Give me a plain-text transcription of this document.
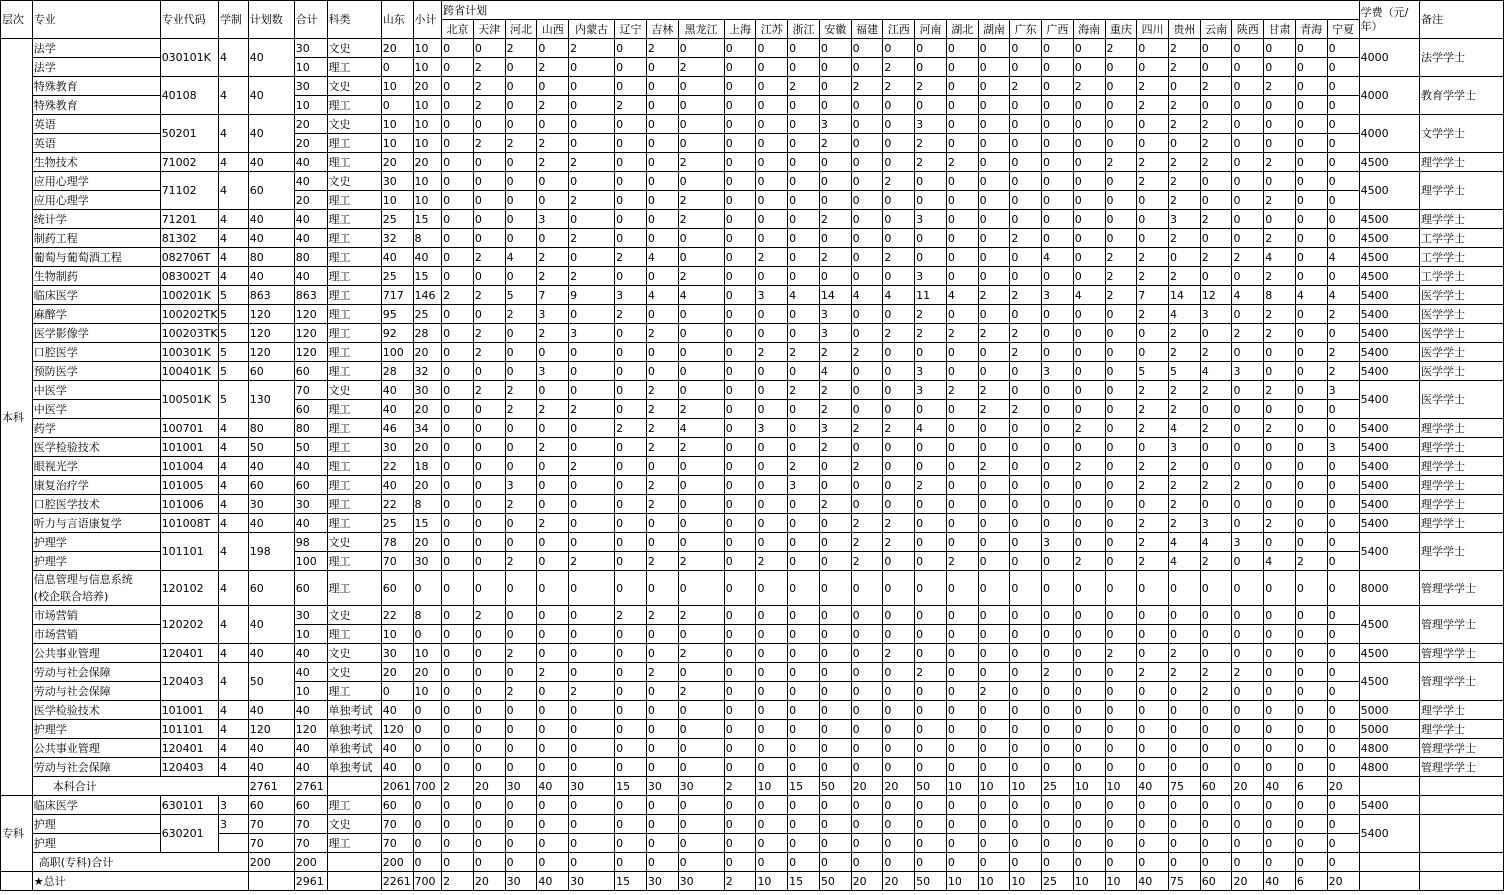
层次	专业	专业代码	学制	计划数	合计	科类	山东	小计	跨省计划																												学费（元/年）	备注
									北京	天津	河北	山西	内蒙古	辽宁	吉林	黑龙江	上海	江苏	浙江	安徽	福建	江西	河南	湖北	湖南	广东	广西	海南	重庆	四川	贵州	云南	陕西	甘肃	青海	宁夏		
本科	法学	030101K	4	40	30	文史	20	10	0	0	2	0	2	0	2	0	0	0	0	0	0	0	0	0	0	0	0	0	2	0	2	0	0	0	0	0	4000	法学学士
	法学				10	理工	0	10	0	2	0	2	0	0	0	2	0	0	0	0	0	2	0	0	0	0	0	0	0	0	2	0	0	0	0	0		
	特殊教育	40108	4	40	30	文史	10	20	0	2	0	0	0	0	0	0	0	0	2	0	2	2	2	0	0	2	0	2	0	2	0	2	0	2	0	0	4000	教育学学士
	特殊教育				10	理工	0	10	0	2	0	2	0	2	0	0	0	0	0	0	0	0	0	0	0	0	0	0	0	2	2	0	0	0	0	0		
	英语	50201	4	40	20	文史	10	10	0	0	0	0	0	0	0	0	0	0	0	3	0	0	3	0	0	0	0	0	0	0	2	2	0	0	0	0	4000	文学学士
	英语				20	理工	10	10	0	2	2	2	0	0	0	0	0	0	0	2	0	0	2	0	0	0	0	0	0	0	0	2	0	0	0	0		
	生物技术	71002	4	40	40	理工	20	20	0	0	0	2	2	0	0	2	0	0	0	0	0	0	2	2	0	0	0	0	2	2	2	2	0	2	0	0	4500	理学学士
	应用心理学	71102	4	60	40	文史	30	10	0	0	0	0	0	0	0	0	0	0	0	0	0	2	0	0	0	0	0	0	0	2	2	0	0	0	0	0	4500	理学学士
	应用心理学				20	理工	10	10	0	0	0	0	2	0	0	2	0	0	0	0	0	0	0	0	0	0	0	0	0	0	2	0	0	2	0	0		
	统计学	71201	4	40	40	理工	25	15	0	0	0	3	0	0	0	2	0	0	0	2	0	0	3	0	0	0	0	0	0	0	3	2	0	0	0	0	4500	理学学士
	制药工程	81302	4	40	40	理工	32	8	0	0	0	0	2	0	0	0	0	0	0	0	0	0	0	0	0	2	0	0	0	0	2	0	0	2	0	0	4500	工学学士
	葡萄与葡萄酒工程	082706T	4	80	80	理工	40	40	0	2	4	2	0	2	4	0	0	2	0	2	0	2	0	0	0	0	4	0	2	2	0	2	2	4	0	4	4500	工学学士
	生物制药	083002T	4	40	40	理工	25	15	0	0	0	2	2	0	0	2	0	0	0	0	0	0	3	0	0	0	0	0	2	2	2	0	0	2	0	0	4500	工学学士
	临床医学	100201K	5	863	863	理工	717	146	2	2	5	7	9	3	4	4	0	3	4	14	4	4	11	4	2	2	3	4	2	7	14	12	4	8	4	4	5400	医学学士
	麻醉学	100202TK	5	120	120	理工	95	25	0	0	2	3	0	2	0	0	0	0	0	3	0	0	2	0	0	0	0	0	0	2	4	3	0	2	0	2	5400	医学学士
	医学影像学	100203TK	5	120	120	理工	92	28	0	2	0	2	3	0	2	0	0	0	0	3	0	2	2	2	2	2	0	0	0	0	2	0	2	2	0	0	5400	医学学士
	口腔医学	100301K	5	120	120	理工	100	20	0	2	0	0	0	0	0	0	0	2	2	2	2	0	0	0	0	2	0	0	0	0	2	2	0	0	0	2	5400	医学学士
	预防医学	100401K	5	60	60	理工	28	32	0	0	0	3	0	0	0	0	0	0	0	4	0	0	3	0	0	0	3	0	0	5	5	4	3	0	0	2	5400	医学学士
	中医学	100501K	5	130	70	文史	40	30	0	2	2	0	0	0	2	0	0	0	2	2	0	0	3	2	2	0	0	0	0	2	2	2	0	2	0	3	5400	医学学士
	中医学				60	理工	40	20	0	0	2	2	2	0	2	2	0	0	0	2	0	0	0	0	2	2	0	0	0	2	2	0	0	0	0	0		
	药学	100701	4	80	80	理工	46	34	0	0	0	0	0	2	2	4	0	3	0	3	2	2	4	0	0	0	0	2	0	2	4	2	0	2	0	0	5400	理学学士
	医学检验技术	101001	4	50	50	理工	30	20	0	0	0	2	0	0	2	2	0	0	0	2	0	0	0	0	0	0	0	0	0	0	3	0	0	0	0	3	5400	理学学士
	眼视光学	101004	4	40	40	理工	22	18	0	0	0	0	2	0	0	0	0	0	2	0	2	0	0	0	2	0	0	2	0	2	2	0	0	0	0	0	5400	理学学士
	康复治疗学	101005	4	60	60	理工	40	20	0	0	3	0	0	0	2	0	0	0	3	0	0	0	2	0	0	0	0	0	0	2	2	2	2	0	0	0	5400	理学学士
	口腔医学技术	101006	4	30	30	理工	22	8	0	0	2	0	0	0	2	0	0	0	0	2	0	0	0	0	0	0	0	0	0	0	2	0	0	0	0	0	5400	理学学士
	听力与言语康复学	101008T	4	40	40	理工	25	15	0	0	0	2	0	0	0	0	0	0	0	0	2	2	0	0	0	0	0	0	0	2	2	3	0	2	0	0	5400	理学学士
	护理学	101101	4	198	98	文史	78	20	0	0	0	0	0	0	0	0	0	0	0	0	2	2	0	0	0	0	3	0	0	2	4	4	3	0	0	0	5400	理学学士
	护理学				100	理工	70	30	0	0	2	0	2	0	2	2	0	2	0	0	2	0	0	2	0	0	0	2	0	2	4	2	0	4	2	0		

	信息管理与信息系统
(校企联合培养)	120102	4	60	60	理工	60	0	0	0	0	0	0	0	0	0	0	0	0	0	0	0	0	0	0	0	0	0	0	0	0	0	0	0	0	0	8000	管理学学士
	市场营销	120202	4	40	30	文史	22	8	0	2	0	0	0	2	2	2	0	0	0	0	0	0	0	0	0	0	0	0	0	0	0	0	0	0	0	0	4500	管理学学士
	市场营销				10	理工	10	0	0	0	0	0	0	0	0	0	0	0	0	0	0	0	0	0	0	0	0	0	0	0	0	0	0	0	0	0		
	公共事业管理	120401	4	40	40	文史	30	10	0	0	2	0	0	0	0	2	0	0	0	0	0	2	0	0	0	0	0	0	2	0	2	0	0	0	0	0	4500	管理学学士
	劳动与社会保障	120403	4	50	40	文史	20	20	0	0	0	2	0	0	2	0	0	0	0	0	0	0	2	0	0	0	2	0	0	2	2	2	2	0	0	0	4500	管理学学士
	劳动与社会保障				10	理工	0	10	0	0	2	0	2	0	0	2	0	0	0	0	0	0	0	0	2	0	0	0	0	0	0	2	0	0	0	0		
	医学检验技术	101001	4	40	40	单独考试	40	0	0	0	0	0	0	0	0	0	0	0	0	0	0	0	0	0	0	0	0	0	0	0	0	0	0	0	0	0	5000	理学学士
	护理学	101101	4	120	120	单独考试	120	0	0	0	0	0	0	0	0	0	0	0	0	0	0	0	0	0	0	0	0	0	0	0	0	0	0	0	0	0	5000	理学学士
	公共事业管理	120401	4	40	40	单独考试	40	0	0	0	0	0	0	0	0	0	0	0	0	0	0	0	0	0	0	0	0	0	0	0	0	0	0	0	0	0	4800	管理学学士
	劳动与社会保障	120403	4	40	40	单独考试	40	0	0	0	0	0	0	0	0	0	0	0	0	0	0	0	0	0	0	0	0	0	0	0	0	0	0	0	0	0	4800	管理学学士
	本科合计			2761	2761		2061	700	2	20	30	40	30	15	30	30	2	10	15	50	20	20	50	10	10	10	25	10	10	40	75	60	20	40	6	20		
专科	临床医学	630101	3	60	60	理工	60	0	0	0	0	0	0	0	0	0	0	0	0	0	0	0	0	0	0	0	0	0	0	0	0	0	0	0	0	0	5400	
	护理	630201	3	70	70	文史	70	0	0	0	0	0	0	0	0	0	0	0	0	0	0	0	0	0	0	0	0	0	0	0	0	0	0	0	0	0	5400	
	护理			70	70	理工	70	0	0	0	0	0	0	0	0	0	0	0	0	0	0	0	0	0	0	0	0	0	0	0	0	0	0	0	0	0		
	高职(专科)合计			200	200		200	0	0	0	0	0	0	0	0	0	0	0	0	0	0	0	0	0	0	0	0	0	0	0	0	0	0	0	0	0		
	★总计				2961		2261	700	2	20	30	40	30	15	30	30	2	10	15	50	20	20	50	10	10	10	25	10	10	40	75	60	20	40	6	20		
